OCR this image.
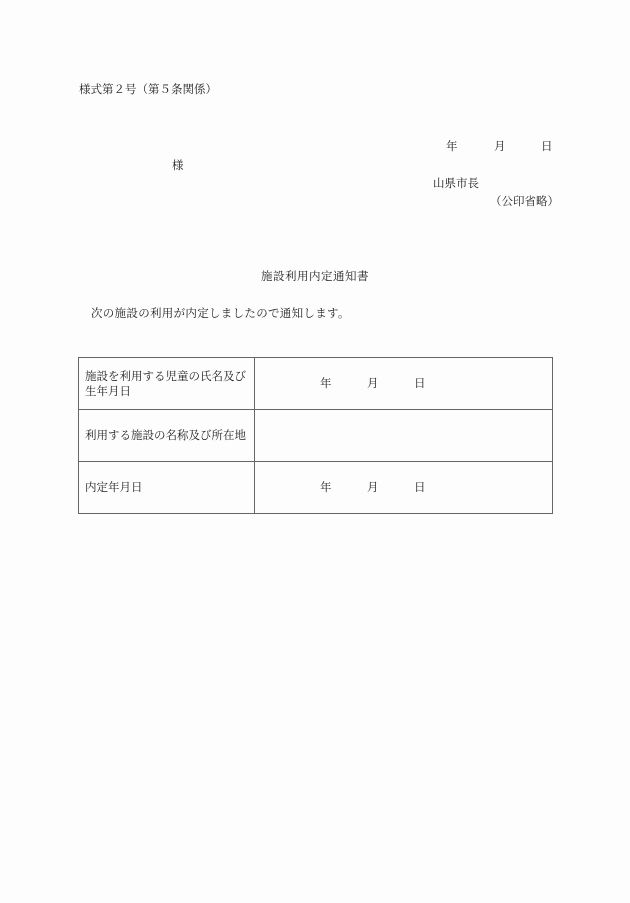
様式第２号（第５条関係）
年	月	日
様
山県市長
（公印省略）
施設利用内定通知書
次の施設の利用が内定しましたので通知します。
施設を利用する児童の氏名及び生年月日	年 月 日

利用する施設の名称及び所在地	
内定年月日	年 月 日
